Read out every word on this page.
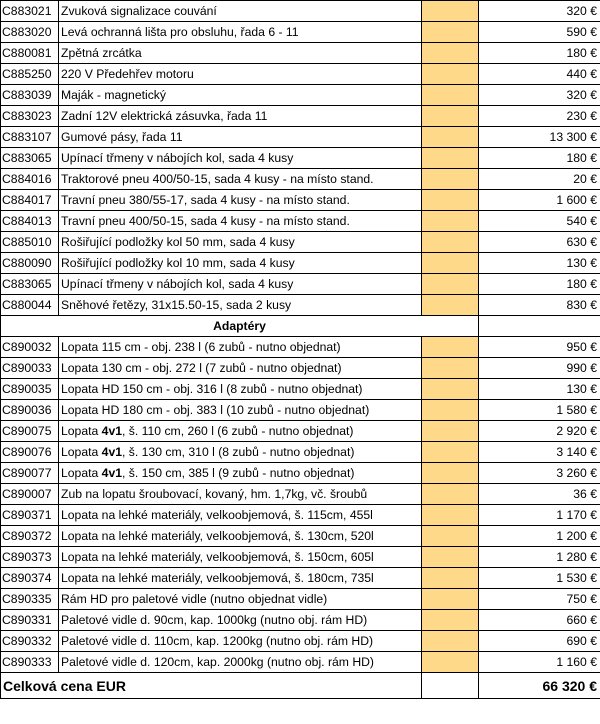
C883021	Zvuková signalizace couvání		320 €
C883020	Levá ochranná lišta pro obsluhu, řada 6 - 11		590 €
C880081	Zpětná zrcátka		180 €
C885250	220 V Předehřev motoru		440 €
C883039	Maják - magnetický		320 €
C883023	Zadní 12V elektrická zásuvka, řada 11		230 €
C883107	Gumové pásy, řada 11		13 300 €
C883065	Upínací třmeny v nábojích kol, sada 4 kusy		180 €
C884016	Traktorové pneu 400/50-15, sada 4 kusy - na místo stand.		20 €
C884017	Travní pneu 380/55-17, sada 4 kusy - na místo stand.		1 600 €
C884013	Travní pneu 400/50-15, sada 4 kusy - na místo stand.		540 €
C885010	Rošiřující podložky kol 50 mm, sada 4 kusy		630 €
C880090	Rošiřující podložky kol 10 mm, sada 4 kusy		130 €
C883065	Upínací třmeny v nábojích kol, sada 4 kusy		180 €
C880044	Sněhové řetězy, 31x15.50-15, sada 2 kusy		830 €
Adaptéry			
C890032	Lopata 115 cm - obj. 238 l (6 zubů - nutno objednat)		950 €
C890033	Lopata 130 cm - obj. 272 l (7 zubů - nutno objednat)		990 €
C890035	Lopata HD 150 cm - obj. 316 l (8 zubů - nutno objednat)		130 €
C890036	Lopata HD 180 cm - obj. 383 l (10 zubů - nutno objednat)		1 580 €
C890075	Lopata 4v1, š. 110 cm, 260 l (6 zubů - nutno objednat)		2 920 €
C890076	Lopata 4v1, š. 130 cm, 310 l (8 zubů - nutno objednat)		3 140 €
C890077	Lopata 4v1, š. 150 cm, 385 l (9 zubů - nutno objednat)		3 260 €
C890007	Zub na lopatu šroubovací, kovaný, hm. 1,7kg, vč. šroubů		36 €
C890371	Lopata na lehké materiály, velkoobjemová, š. 115cm, 455l		1 170 €
C890372	Lopata na lehké materiály, velkoobjemová, š. 130cm, 520l		1 200 €
C890373	Lopata na lehké materiály, velkoobjemová, š. 150cm, 605l		1 280 €
C890374	Lopata na lehké materiály, velkoobjemová, š. 180cm, 735l		1 530 €
C890335	Rám HD pro paletové vidle (nutno objednat vidle)		750 €
C890331	Paletové vidle d. 90cm, kap. 1000kg (nutno obj. rám HD)		660 €
C890332	Paletové vidle d. 110cm, kap. 1200kg (nutno obj. rám HD)		690 €
C890333	Paletové vidle d. 120cm, kap. 2000kg (nutno obj. rám HD)		1 160 €
Celková cena EUR			66 320 €
